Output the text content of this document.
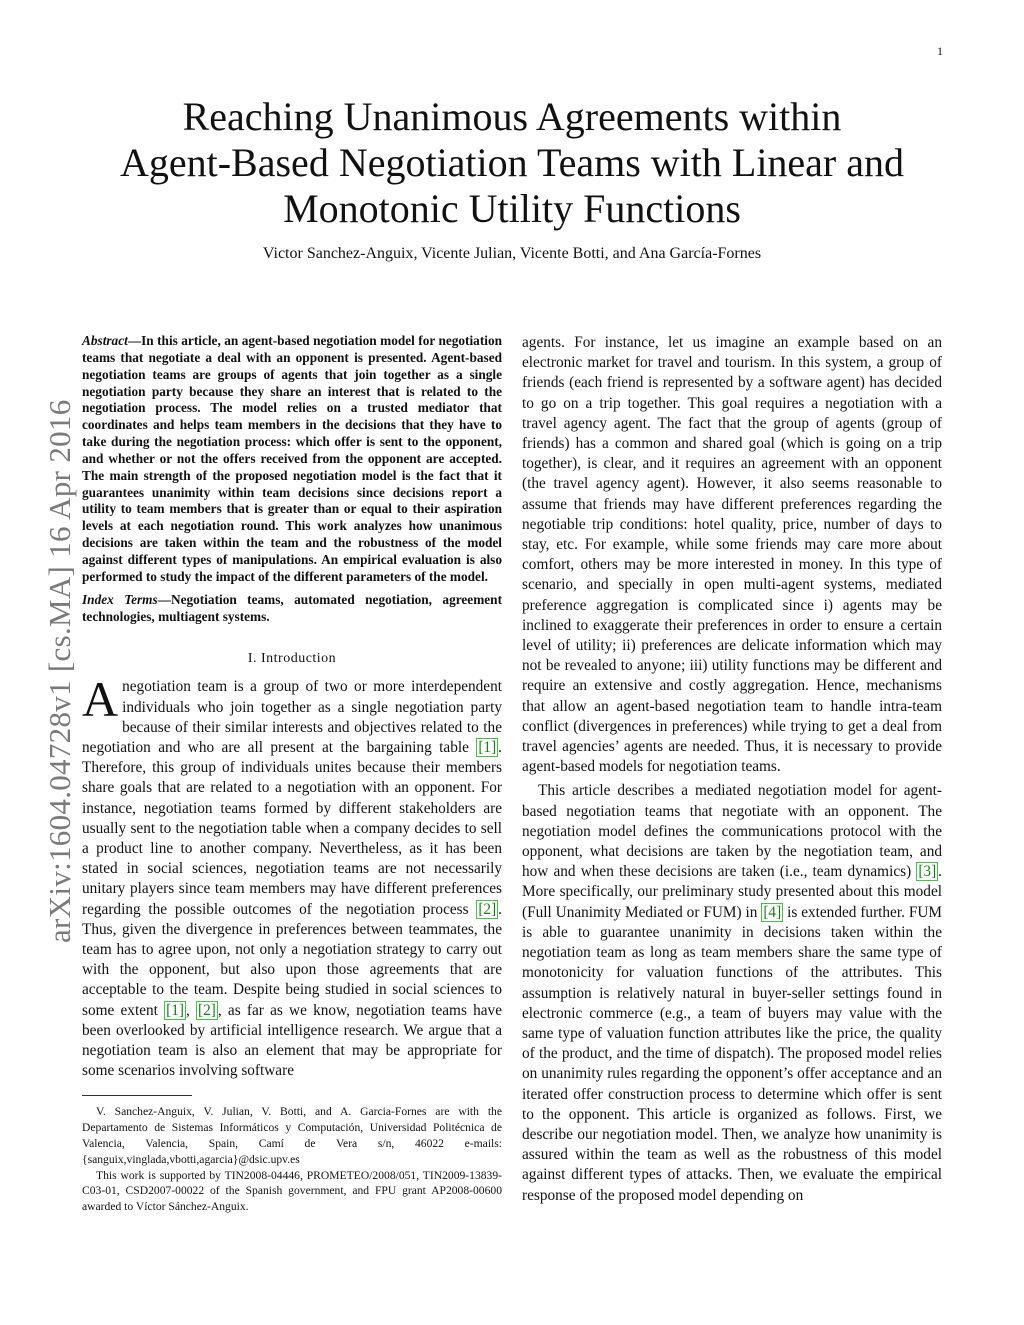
1
arXiv:1604.04728v1 [cs.MA] 16 Apr 2016
Reaching Unanimous Agreements within
Agent-Based Negotiation Teams with Linear and
Monotonic Utility Functions
Victor Sanchez-Anguix, Vicente Julian, Vicente Botti, and Ana García-Fornes

Abstract—In this article, an agent-based negotiation model for negotiation teams that negotiate a deal with an opponent is presented. Agent-based negotiation teams are groups of agents that join together as a single negotiation party because they share an interest that is related to the negotiation process. The model relies on a trusted mediator that coordinates and helps team members in the decisions that they have to take during the negotiation process: which offer is sent to the opponent, and whether or not the offers received from the opponent are accepted. The main strength of the proposed negotiation model is the fact that it guarantees unanimity within team decisions since decisions report a utility to team members that is greater than or equal to their aspiration levels at each negotiation round. This work analyzes how unanimous decisions are taken within the team and the robustness of the model against different types of manipulations. An empirical evaluation is also performed to study the impact of the different parameters of the model.

Index Terms—Negotiation teams, automated negotiation, agreement technologies, multiagent systems.

I. Introduction

Anegotiation team is a group of two or more interdependent individuals who join together as a single negotiation party because of their similar interests and objectives related to the negotiation and who are all present at the bargaining table [1] . Therefore, this group of individuals unites because their members share goals that are related to a negotiation with an opponent. For instance, negotiation teams formed by different stakeholders are usually sent to the negotiation table when a company decides to sell a product line to another company. Nevertheless, as it has been stated in social sciences, negotiation teams are not necessarily unitary players since team members may have different preferences regarding the possible outcomes of the negotiation process [2] . Thus, given the divergence in preferences between teammates, the team has to agree upon, not only a negotiation strategy to carry out with the opponent, but also upon those agreements that are acceptable to the team. Despite being studied in social sciences to some extent [1] , [2] , as far as we know, negotiation teams have been overlooked by artificial intelligence research. We argue that a negotiation team is also an element that may be appropriate for some scenarios involving software

V. Sanchez-Anguix, V. Julian, V. Botti, and A. Garcia-Fornes are with the Departamento de Sistemas Informáticos y Computación, Universidad Politécnica de Valencia, Valencia, Spain, Camí de Vera s/n, 46022 e-mails: {sanguix,vinglada,vbotti,agarcia}@dsic.upv.es

This work is supported by TIN2008-04446, PROMETEO/2008/051, TIN2009-13839-C03-01, CSD2007-00022 of the Spanish government, and FPU grant AP2008-00600 awarded to Víctor Sánchez-Anguix.

agents. For instance, let us imagine an example based on an electronic market for travel and tourism. In this system, a group of friends (each friend is represented by a software agent) has decided to go on a trip together. This goal requires a negotiation with a travel agency agent. The fact that the group of agents (group of friends) has a common and shared goal (which is going on a trip together), is clear, and it requires an agreement with an opponent (the travel agency agent). However, it also seems reasonable to assume that friends may have different preferences regarding the negotiable trip conditions: hotel quality, price, number of days to stay, etc. For example, while some friends may care more about comfort, others may be more interested in money. In this type of scenario, and specially in open multi-agent systems, mediated preference aggregation is complicated since i) agents may be inclined to exaggerate their preferences in order to ensure a certain level of utility; ii) preferences are delicate information which may not be revealed to anyone; iii) utility functions may be different and require an extensive and costly aggregation. Hence, mechanisms that allow an agent-based negotiation team to handle intra-team conflict (divergences in preferences) while trying to get a deal from travel agencies’ agents are needed. Thus, it is necessary to provide agent-based models for negotiation teams.

This article describes a mediated negotiation model for agent-based negotiation teams that negotiate with an opponent. The negotiation model defines the communications protocol with the opponent, what decisions are taken by the negotiation team, and how and when these decisions are taken (i.e., team dynamics) [3] . More specifically, our preliminary study presented about this model (Full Unanimity Mediated or FUM) in [4] is extended further. FUM is able to guarantee unanimity in decisions taken within the negotiation team as long as team members share the same type of monotonicity for valuation functions of the attributes. This assumption is relatively natural in buyer-seller settings found in electronic commerce (e.g., a team of buyers may value with the same type of valuation function attributes like the price, the quality of the product, and the time of dispatch). The proposed model relies on unanimity rules regarding the opponent’s offer acceptance and an iterated offer construction process to determine which offer is sent to the opponent. This article is organized as follows. First, we describe our negotiation model. Then, we analyze how unanimity is assured within the team as well as the robustness of this model against different types of attacks. Then, we evaluate the empirical response of the proposed model depending on
